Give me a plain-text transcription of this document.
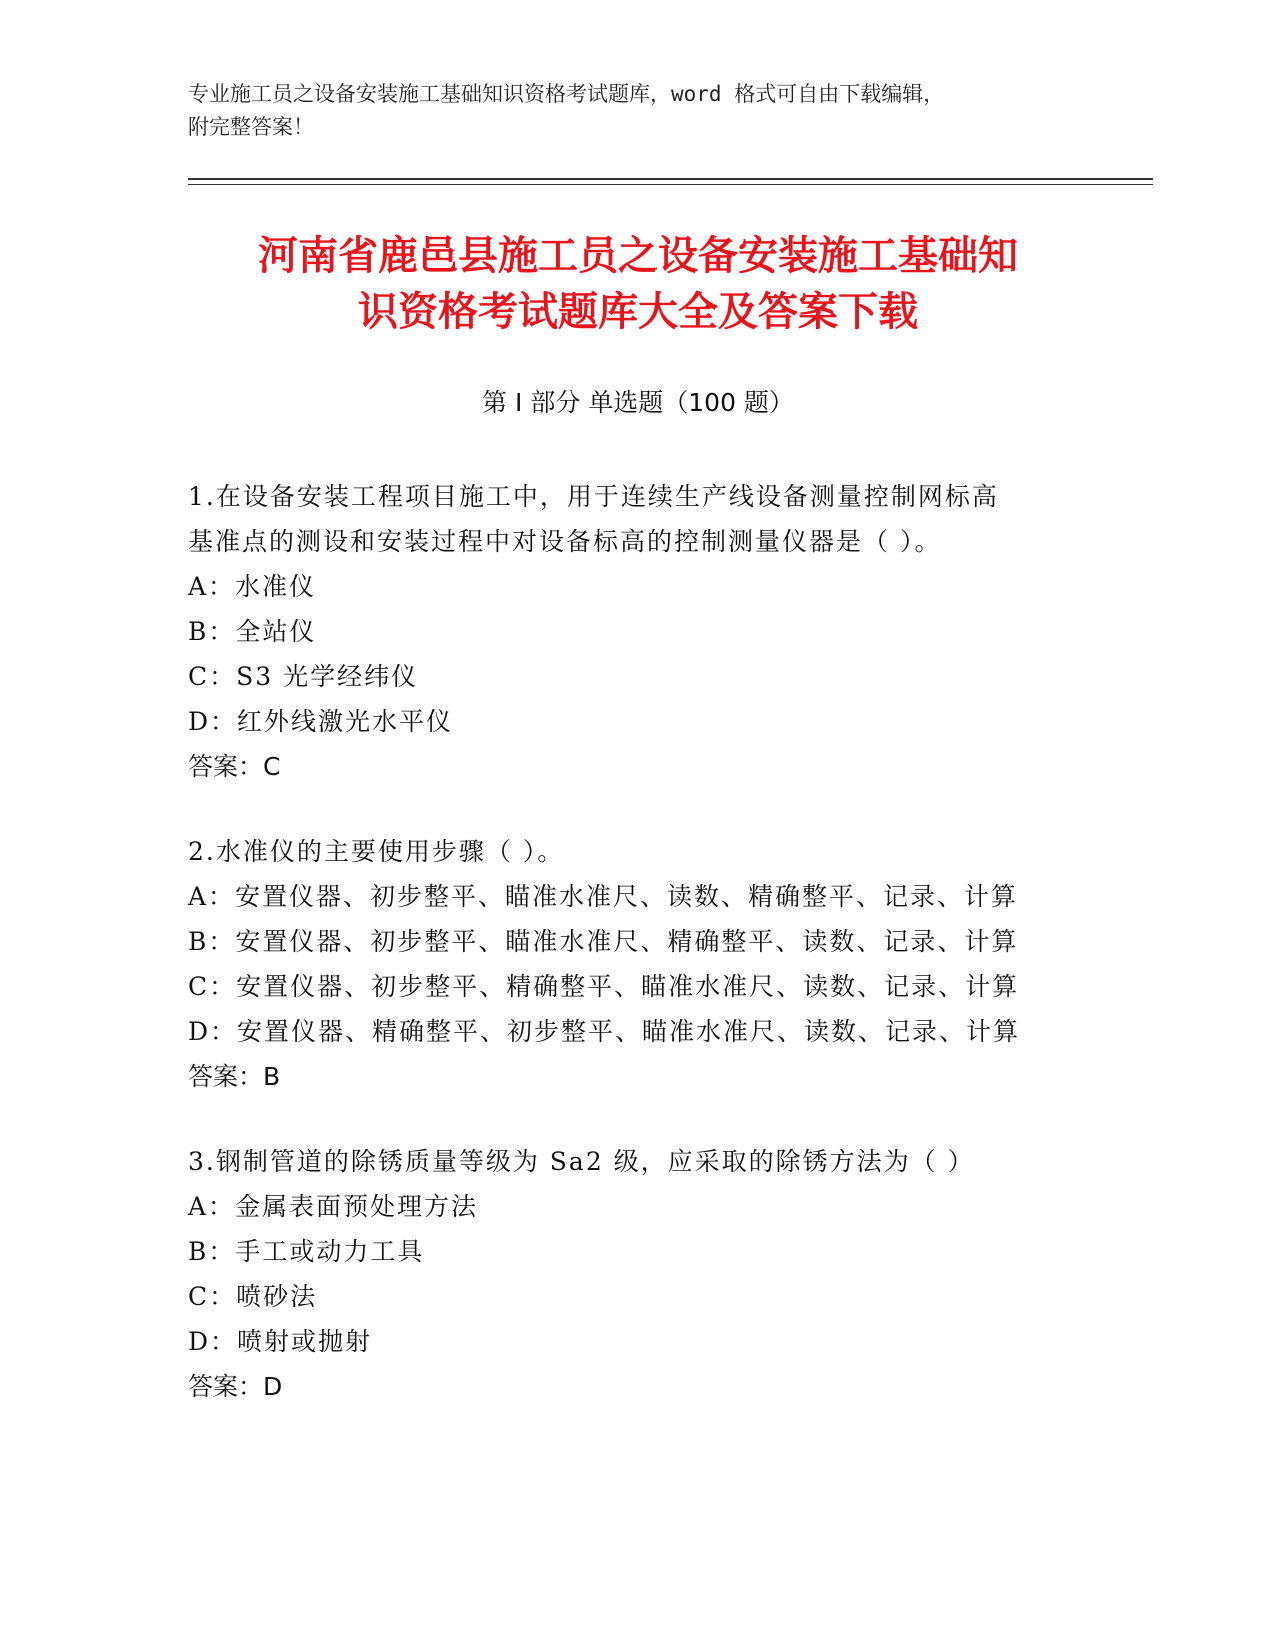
专业施工员之设备安装施工基础知识资格考试题库，word 格式可自由下载编辑，
附完整答案！
河南省鹿邑县施工员之设备安装施工基础知
识资格考试题库大全及答案下载
第 I 部分 单选题（100 题）
1.在设备安装工程项目施工中，用于连续生产线设备测量控制网标高
基准点的测设和安装过程中对设备标高的控制测量仪器是（ ）。
A：水准仪
B：全站仪
C：S3 光学经纬仪
D：红外线激光水平仪
答案：C
2.水准仪的主要使用步骤（ ）。
A：安置仪器、初步整平、瞄准水准尺、读数、精确整平、记录、计算
B：安置仪器、初步整平、瞄准水准尺、精确整平、读数、记录、计算
C：安置仪器、初步整平、精确整平、瞄准水准尺、读数、记录、计算
D：安置仪器、精确整平、初步整平、瞄准水准尺、读数、记录、计算
答案：B
3.钢制管道的除锈质量等级为 Sa2 级，应采取的除锈方法为（ ）
A：金属表面预处理方法
B：手工或动力工具
C：喷砂法
D：喷射或抛射
答案：D
